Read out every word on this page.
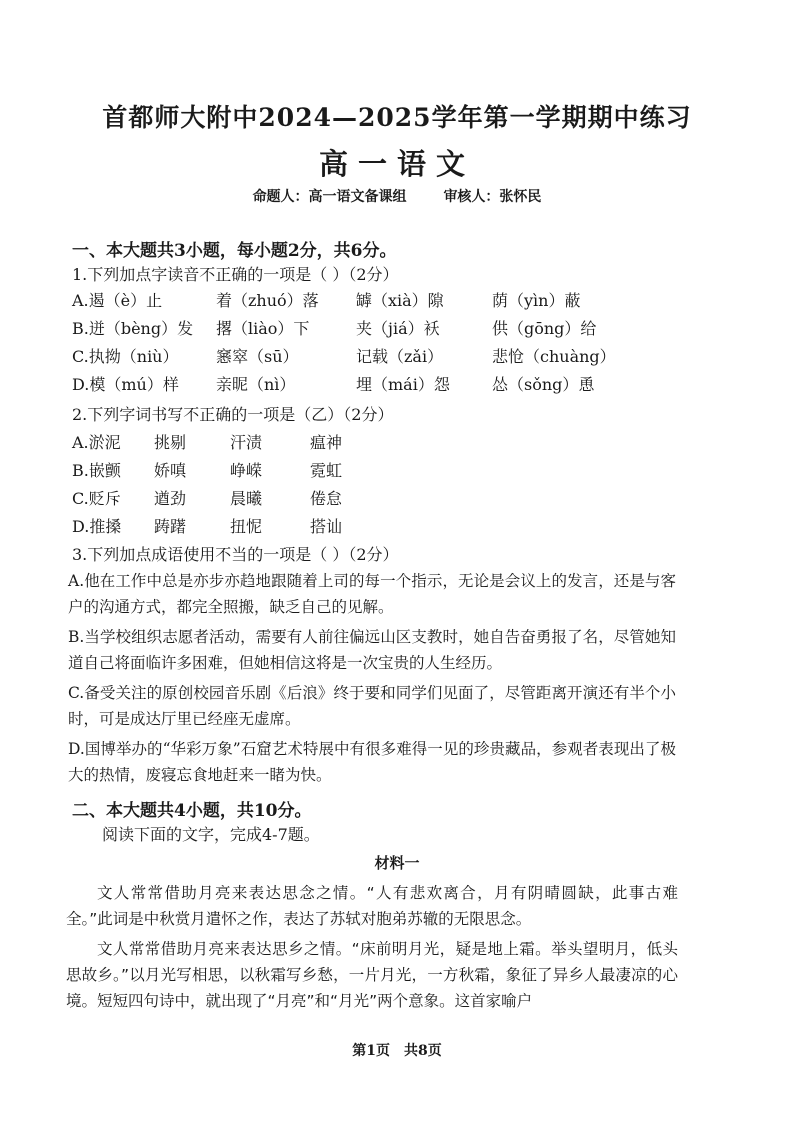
首都师大附中2024—2025学年第一学期期中练习
高一语文
命题人：高一语文备课组	审核人：张怀民
一、本大题共3小题，每小题2分，共6分。
1.下列加点字读音不正确的一项是（ ）（2分）
A.遏（è）止	着（zhuó）落 罅（xià）隙	荫（yìn）蔽
B.迸（bèng）发 撂（liào）下	夹（jiá）袄	供（gōng）给
C.执拗（niù） 窸窣（sū）	记载（zǎi）	悲怆（chuàng）
D.模（mú）样 亲昵（nì）	埋（mái）怨	怂（sǒng）恿
2.下列字词书写不正确的一项是（乙）（2分）
A.淤泥 挑剔	汗渍	瘟神
B.嵌颤 娇嗔	峥嵘	霓虹
C.贬斥 遒劲	晨曦	倦怠
D.推搡 踌躇	扭怩	搭讪
3.下列加点成语使用不当的一项是（ ）（2分）
A.他在工作中总是亦步亦趋地跟随着上司的每一个指示，无论是会议上的发言，还是与客户的沟通方式，都完全照搬，缺乏自己的见解。
B.当学校组织志愿者活动，需要有人前往偏远山区支教时，她自告奋勇报了名，尽管她知道自己将面临许多困难，但她相信这将是一次宝贵的人生经历。
C.备受关注的原创校园音乐剧《后浪》终于要和同学们见面了，尽管距离开演还有半个小时，可是成达厅里已经座无虚席。
D.国博举办的“华彩万象”石窟艺术特展中有很多难得一见的珍贵藏品，参观者表现出了极大的热情，废寝忘食地赶来一睹为快。
二、本大题共4小题，共10分。
阅读下面的文字，完成4-7题。
材料一
文人常常借助月亮来表达思念之情。“人有悲欢离合，月有阴晴圆缺，此事古难全。”此词是中秋赏月遣怀之作，表达了苏轼对胞弟苏辙的无限思念。
文人常常借助月亮来表达思乡之情。“床前明月光，疑是地上霜。举头望明月，低头思故乡。”以月光写相思，以秋霜写乡愁，一片月光，一方秋霜，象征了异乡人最凄凉的心境。短短四句诗中，就出现了“月亮”和“月光”两个意象。这首家喻户
第1页　共8页
